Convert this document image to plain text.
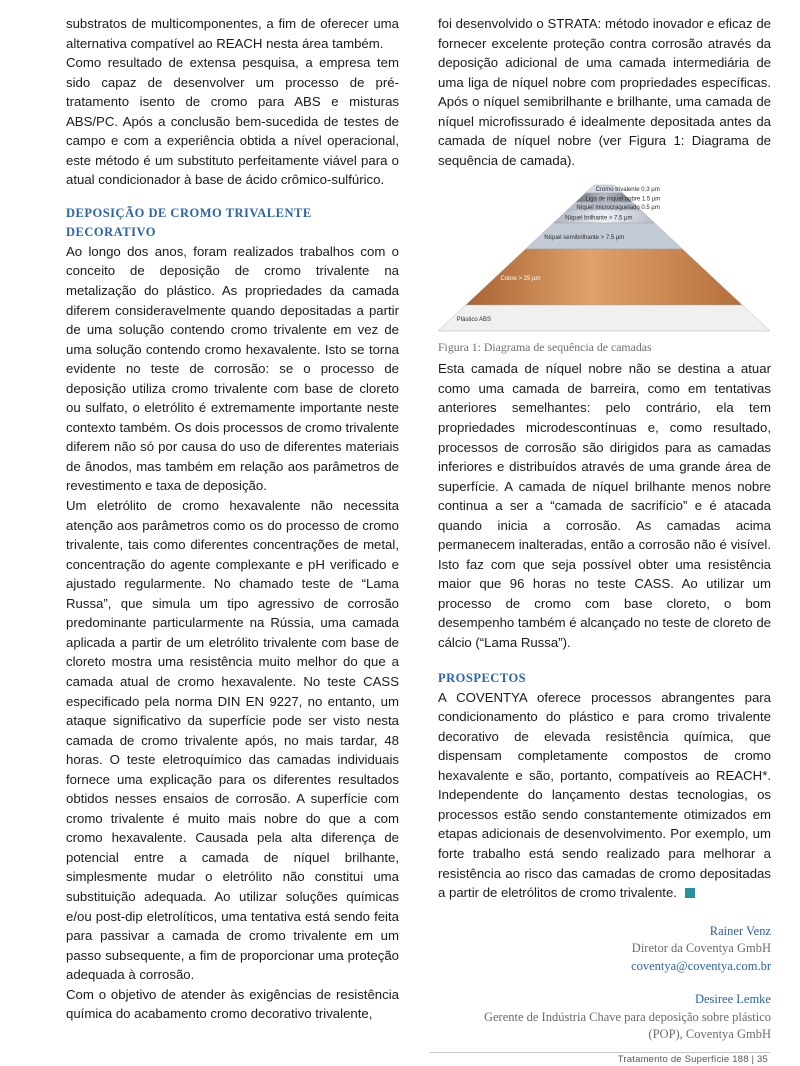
substratos de multicomponentes, a fim de oferecer uma alternativa compatível ao REACH nesta área também.

Como resultado de extensa pesquisa, a empresa tem sido capaz de desenvolver um processo de pré-tratamento isento de cromo para ABS e misturas ABS/PC. Após a conclusão bem-sucedida de testes de campo e com a experiência obtida a nível operacional, este método é um substituto perfeitamente viável para o atual condicionador à base de ácido crômico-sulfúrico.

DEPOSIÇÃO DE CROMO TRIVALENTE

DECORATIVO

Ao longo dos anos, foram realizados trabalhos com o conceito de deposição de cromo trivalente na metalização do plástico. As propriedades da camada diferem consideravelmente quando depositadas a partir de uma solução contendo cromo trivalente em vez de uma solução contendo cromo hexavalente. Isto se torna evidente no teste de corrosão: se o processo de deposição utiliza cromo trivalente com base de cloreto ou sulfato, o eletrólito é extremamente importante neste contexto também. Os dois processos de cromo trivalente diferem não só por causa do uso de diferentes materiais de ânodos, mas também em relação aos parâmetros de revestimento e taxa de deposição.

Um eletrólito de cromo hexavalente não necessita atenção aos parâmetros como os do processo de cromo trivalente, tais como diferentes concentrações de metal, concentração do agente complexante e pH verificado e ajustado regularmente. No chamado teste de “Lama Russa”, que simula um tipo agressivo de corrosão predominante particularmente na Rússia, uma camada aplicada a partir de um eletrólito trivalente com base de cloreto mostra uma resistência muito melhor do que a camada atual de cromo hexavalente. No teste CASS especificado pela norma DIN EN 9227, no entanto, um ataque significativo da superfície pode ser visto nesta camada de cromo trivalente após, no mais tardar, 48 horas. O teste eletroquímico das camadas individuais fornece uma explicação para os diferentes resultados obtidos nesses ensaios de corrosão. A superfície com cromo trivalente é muito mais nobre do que a com cromo hexavalente. Causada pela alta diferença de potencial entre a camada de níquel brilhante, simplesmente mudar o eletrólito não constitui uma substituição adequada. Ao utilizar soluções químicas e/ou post-dip eletrolíticos, uma tentativa está sendo feita para passivar a camada de cromo trivalente em um passo subsequente, a fim de proporcionar uma proteção adequada à corrosão.

Com o objetivo de atender às exigências de resistência química do acabamento cromo decorativo trivalente,

foi desenvolvido o STRATA: método inovador e eficaz de fornecer excelente proteção contra corrosão através da deposição adicional de uma camada intermediária de uma liga de níquel nobre com propriedades específicas. Após o níquel semibrilhante e brilhante, uma camada de níquel microfissurado é idealmente depositada antes da camada de níquel nobre (ver Figura 1: Diagrama de sequência de camada).

Cromo trivalente 0.3 µm
Liga de níquel nobre 1.5 µm
Níquel microcraquelado 0.5 µm
Níquel brilhante > 7.5 µm
Níquel semibrilhante > 7.5 µm
Cobre > 25 µm
Plástico ABS

Figura 1: Diagrama de sequência de camadas

Esta camada de níquel nobre não se destina a atuar como uma camada de barreira, como em tentativas anteriores semelhantes: pelo contrário, ela tem propriedades microdescontínuas e, como resultado, processos de corrosão são dirigidos para as camadas inferiores e distribuídos através de uma grande área de superfície. A camada de níquel brilhante menos nobre continua a ser a “camada de sacrifício” e é atacada quando inicia a corrosão. As camadas acima permanecem inalteradas, então a corrosão não é visível. Isto faz com que seja possível obter uma resistência maior que 96 horas no teste CASS. Ao utilizar um processo de cromo com base cloreto, o bom desempenho também é alcançado no teste de cloreto de cálcio (“Lama Russa”).

PROSPECTOS

A COVENTYA oferece processos abrangentes para condicionamento do plástico e para cromo trivalente decorativo de elevada resistência química, que dispensam completamente compostos de cromo hexavalente e são, portanto, compatíveis ao REACH*. Independente do lançamento destas tecnologias, os processos estão sendo constantemente otimizados em etapas adicionais de desenvolvimento. Por exemplo, um forte trabalho está sendo realizado para melhorar a resistência ao risco das camadas de cromo depositadas a partir de eletrólitos de cromo trivalente.

Rainer Venz
Diretor da Coventya GmbH
coventya@coventya.com.br
Desiree Lemke
Gerente de Indústria Chave para deposição sobre plástico
(POP), Coventya GmbH
Tratamento de Superfície 188 | 35
